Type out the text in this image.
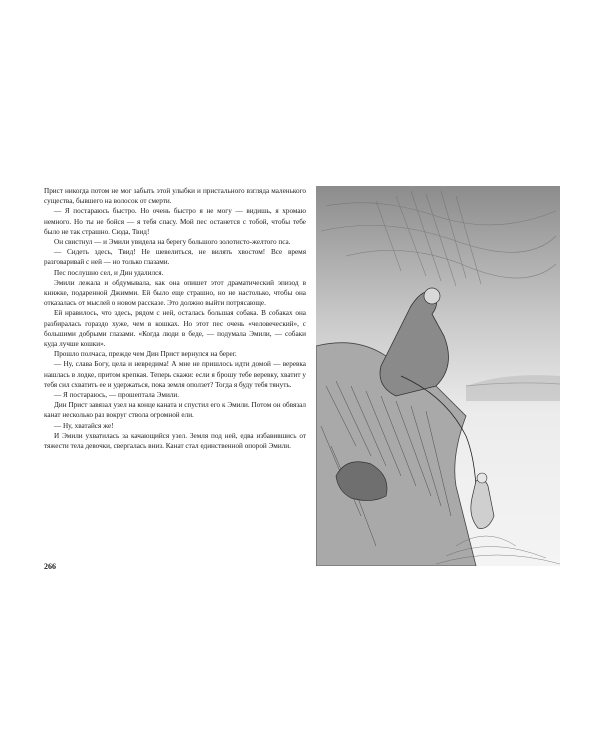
Прист никогда потом не мог забыть этой улыбки и пристального взгляда маленького существа, бывшего на волосок от смерти.

— Я постараюсь быстро. Но очень быстро я не могу — видишь, я хромаю немного. Но ты не бойся — я тебя спасу. Мой пес останется с тобой, чтобы тебе было не так страшно. Сюда, Твид!

Он свистнул — и Эмили увидела на берегу большого золотисто-желтого пса.

— Сидеть здесь, Твид! Не шевелиться, не вилять хвостом! Все время разговаривай с ней — но только глазами.

Пес послушно сел, и Дин удалился.

Эмили лежала и обдумывала, как она опишет этот драматический эпизод в книжке, подаренной Джимми. Ей было еще страшно, но не настолько, чтобы она отказалась от мыслей о новом рассказе. Это должно выйти потрясающе.

Ей нравилось, что здесь, рядом с ней, осталась большая собака. В собаках она разбиралась гораздо хуже, чем в кошках. Но этот пес очень «человеческий», с большими добрыми глазами. «Когда люди в беде, — подумала Эмили, — собаки куда лучше кошки».

Прошло полчаса, прежде чем Дин Прист вернулся на берег.

— Ну, слава Богу, цела и невредима! А мне не пришлось идти домой — веревка нашлась в лодке, притом крепкая. Теперь скажи: если я брошу тебе веревку, хватит у тебя сил схватить ее и удержаться, пока земля оползет? Тогда я буду тебя тянуть.

— Я постараюсь, — прошептала Эмили.

Дин Прист завязал узел на конце каната и спустил его к Эмили. Потом он обвязал канат несколько раз вокруг ствола огромной ели.

— Ну, хватайся же!

И Эмили ухватилась за качающийся узел. Земля под ней, едва избавившись от тяжести тела девочки, свергалась вниз. Канат стал единственной опорой Эмили.

266
